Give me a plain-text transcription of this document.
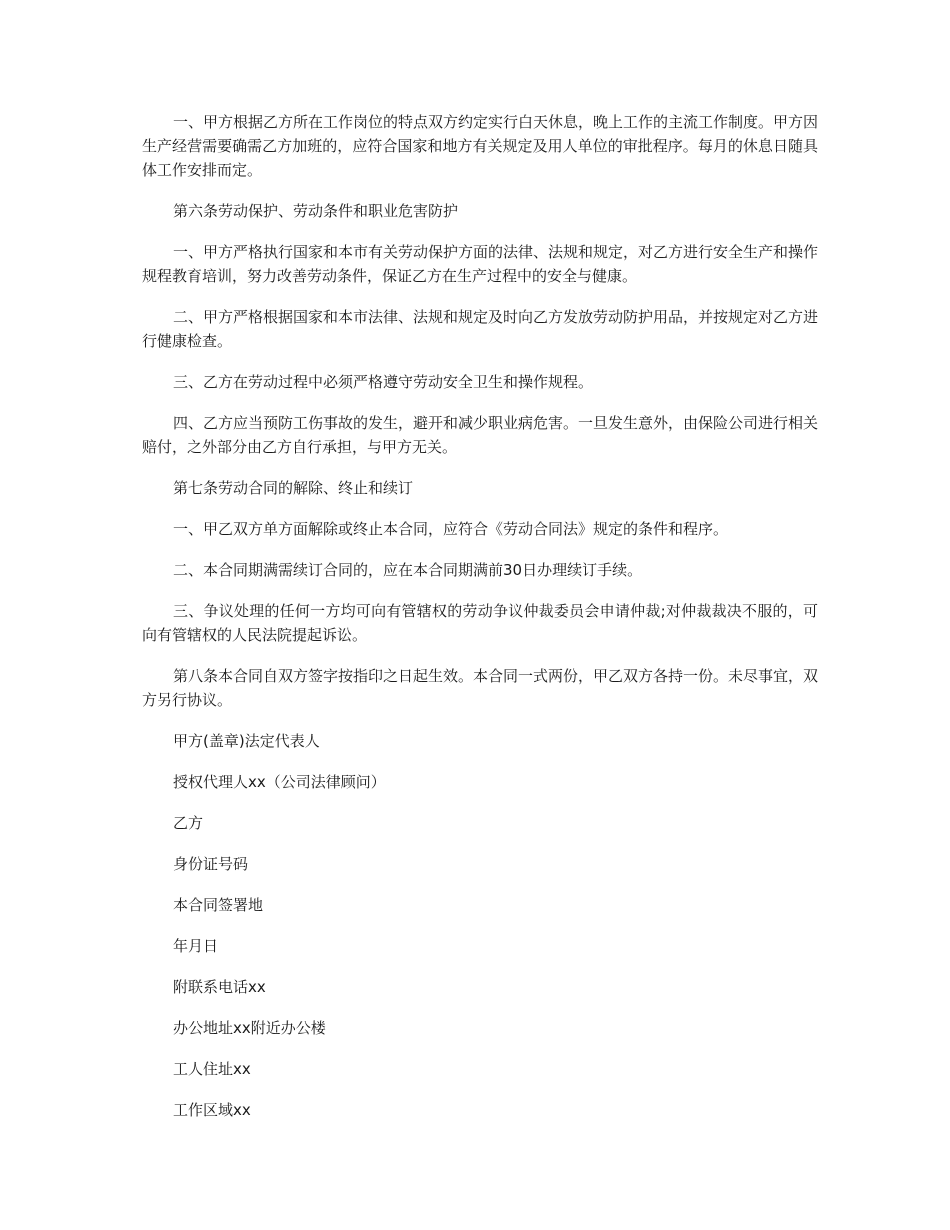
一、甲方根据乙方所在工作岗位的特点双方约定实行白天休息，晚上工作的主流工作制度。甲方因生产经营需要确需乙方加班的，应符合国家和地方有关规定及用人单位的审批程序。每月的休息日随具体工作安排而定。

第六条劳动保护、劳动条件和职业危害防护

一、甲方严格执行国家和本市有关劳动保护方面的法律、法规和规定，对乙方进行安全生产和操作规程教育培训，努力改善劳动条件，保证乙方在生产过程中的安全与健康。

二、甲方严格根据国家和本市法律、法规和规定及时向乙方发放劳动防护用品，并按规定对乙方进行健康检查。

三、乙方在劳动过程中必须严格遵守劳动安全卫生和操作规程。

四、乙方应当预防工伤事故的发生，避开和减少职业病危害。一旦发生意外，由保险公司进行相关赔付，之外部分由乙方自行承担，与甲方无关。

第七条劳动合同的解除、终止和续订

一、甲乙双方单方面解除或终止本合同，应符合《劳动合同法》规定的条件和程序。

二、本合同期满需续订合同的，应在本合同期满前30日办理续订手续。

三、争议处理的任何一方均可向有管辖权的劳动争议仲裁委员会申请仲裁;对仲裁裁决不服的，可向有管辖权的人民法院提起诉讼。

第八条本合同自双方签字按指印之日起生效。本合同一式两份，甲乙双方各持一份。未尽事宜，双方另行协议。

甲方(盖章)法定代表人

授权代理人xx（公司法律顾问）

乙方

身份证号码

本合同签署地

年月日

附联系电话xx

办公地址xx附近办公楼

工人住址xx

工作区域xx
